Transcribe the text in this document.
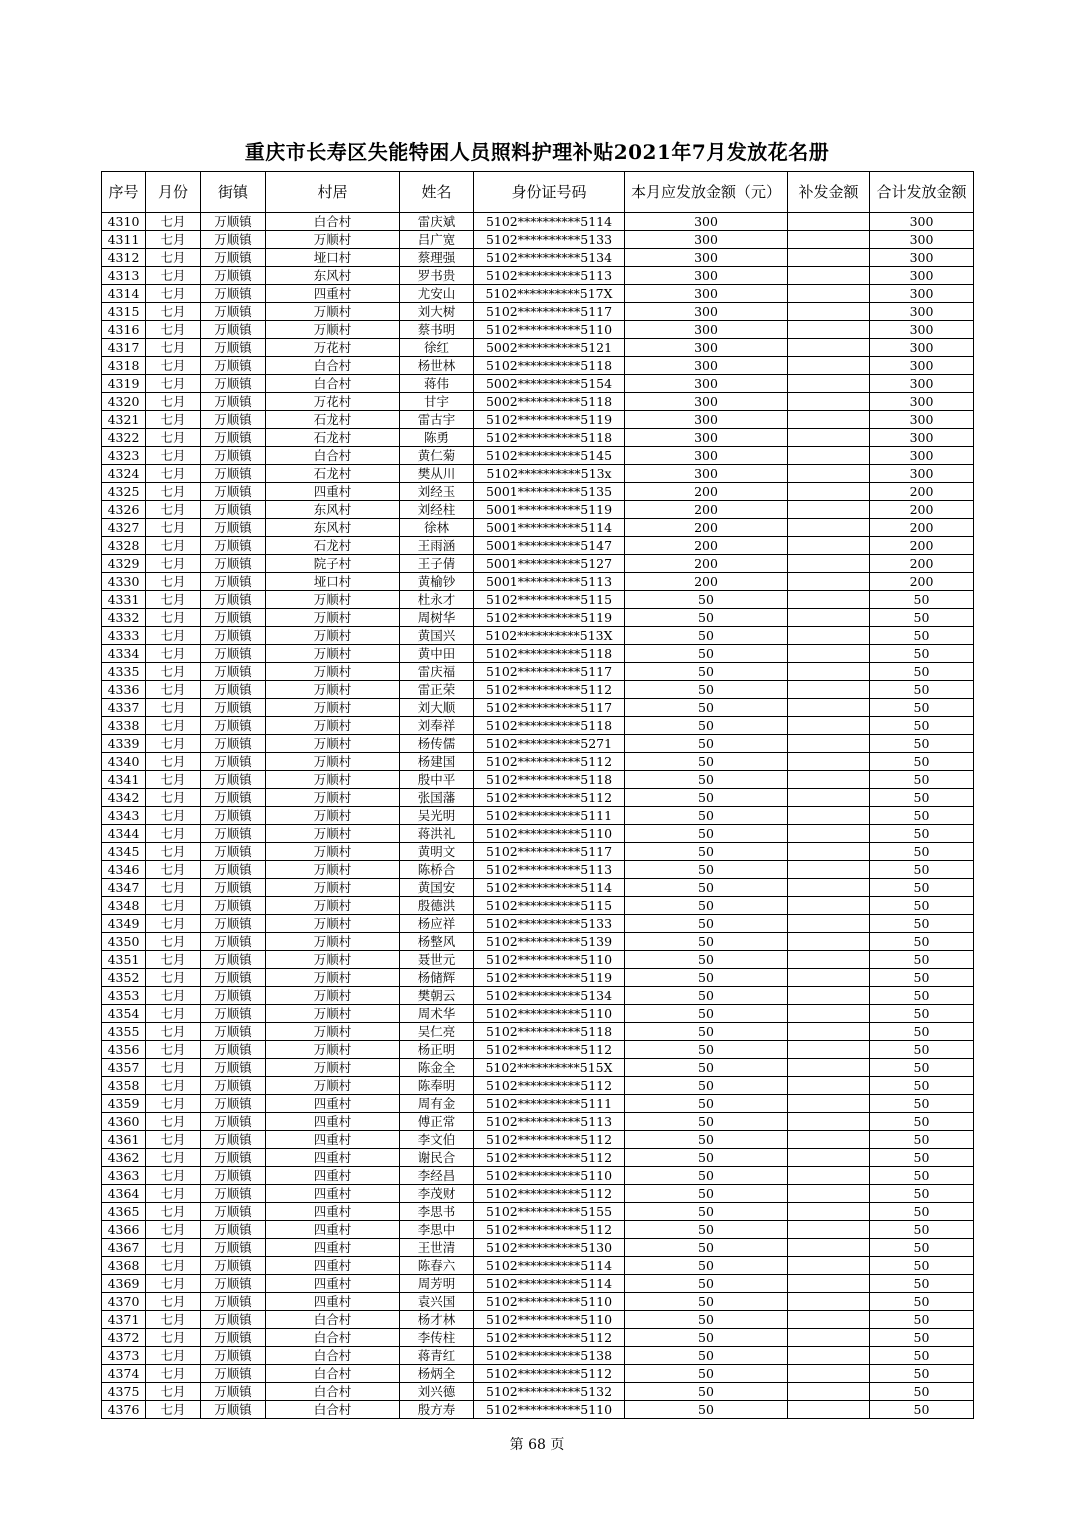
重庆市长寿区失能特困人员照料护理补贴2021年7月发放花名册
序号	月份	街镇	村居	姓名	身份证号码	本月应发放金额（元）	补发金额	合计发放金额
4310	七月	万顺镇	白合村	雷庆斌	5102**********5114	300		300
4311	七月	万顺镇	万顺村	吕广宽	5102**********5133	300		300
4312	七月	万顺镇	垭口村	蔡理强	5102**********5134	300		300
4313	七月	万顺镇	东风村	罗书贵	5102**********5113	300		300
4314	七月	万顺镇	四重村	尤安山	5102**********517X	300		300
4315	七月	万顺镇	万顺村	刘大树	5102**********5117	300		300
4316	七月	万顺镇	万顺村	蔡书明	5102**********5110	300		300
4317	七月	万顺镇	万花村	徐红	5002**********5121	300		300
4318	七月	万顺镇	白合村	杨世林	5102**********5118	300		300
4319	七月	万顺镇	白合村	蒋伟	5002**********5154	300		300
4320	七月	万顺镇	万花村	甘宇	5002**********5118	300		300
4321	七月	万顺镇	石龙村	雷古宇	5102**********5119	300		300
4322	七月	万顺镇	石龙村	陈勇	5102**********5118	300		300
4323	七月	万顺镇	白合村	黄仁菊	5102**********5145	300		300
4324	七月	万顺镇	石龙村	樊从川	5102**********513x	300		300
4325	七月	万顺镇	四重村	刘经玉	5001**********5135	200		200
4326	七月	万顺镇	东风村	刘经柱	5001**********5119	200		200
4327	七月	万顺镇	东风村	徐林	5001**********5114	200		200
4328	七月	万顺镇	石龙村	王雨涵	5001**********5147	200		200
4329	七月	万顺镇	院子村	王子倩	5001**********5127	200		200
4330	七月	万顺镇	垭口村	黄榆钞	5001**********5113	200		200
4331	七月	万顺镇	万顺村	杜永才	5102**********5115	50		50
4332	七月	万顺镇	万顺村	周树华	5102**********5119	50		50
4333	七月	万顺镇	万顺村	黄国兴	5102**********513X	50		50
4334	七月	万顺镇	万顺村	黄中田	5102**********5118	50		50
4335	七月	万顺镇	万顺村	雷庆福	5102**********5117	50		50
4336	七月	万顺镇	万顺村	雷正荣	5102**********5112	50		50
4337	七月	万顺镇	万顺村	刘大顺	5102**********5117	50		50
4338	七月	万顺镇	万顺村	刘奉祥	5102**********5118	50		50
4339	七月	万顺镇	万顺村	杨传儒	5102**********5271	50		50
4340	七月	万顺镇	万顺村	杨建国	5102**********5112	50		50
4341	七月	万顺镇	万顺村	殷中平	5102**********5118	50		50
4342	七月	万顺镇	万顺村	张国藩	5102**********5112	50		50
4343	七月	万顺镇	万顺村	吴光明	5102**********5111	50		50
4344	七月	万顺镇	万顺村	蒋洪礼	5102**********5110	50		50
4345	七月	万顺镇	万顺村	黄明文	5102**********5117	50		50
4346	七月	万顺镇	万顺村	陈桥合	5102**********5113	50		50
4347	七月	万顺镇	万顺村	黄国安	5102**********5114	50		50
4348	七月	万顺镇	万顺村	殷德洪	5102**********5115	50		50
4349	七月	万顺镇	万顺村	杨应祥	5102**********5133	50		50
4350	七月	万顺镇	万顺村	杨整风	5102**********5139	50		50
4351	七月	万顺镇	万顺村	聂世元	5102**********5110	50		50
4352	七月	万顺镇	万顺村	杨储辉	5102**********5119	50		50
4353	七月	万顺镇	万顺村	樊朝云	5102**********5134	50		50
4354	七月	万顺镇	万顺村	周术华	5102**********5110	50		50
4355	七月	万顺镇	万顺村	吴仁亮	5102**********5118	50		50
4356	七月	万顺镇	万顺村	杨正明	5102**********5112	50		50
4357	七月	万顺镇	万顺村	陈金全	5102**********515X	50		50
4358	七月	万顺镇	万顺村	陈奉明	5102**********5112	50		50
4359	七月	万顺镇	四重村	周有金	5102**********5111	50		50
4360	七月	万顺镇	四重村	傅正常	5102**********5113	50		50
4361	七月	万顺镇	四重村	李文伯	5102**********5112	50		50
4362	七月	万顺镇	四重村	谢民合	5102**********5112	50		50
4363	七月	万顺镇	四重村	李经昌	5102**********5110	50		50
4364	七月	万顺镇	四重村	李茂财	5102**********5112	50		50
4365	七月	万顺镇	四重村	李思书	5102**********5155	50		50
4366	七月	万顺镇	四重村	李思中	5102**********5112	50		50
4367	七月	万顺镇	四重村	王世清	5102**********5130	50		50
4368	七月	万顺镇	四重村	陈春六	5102**********5114	50		50
4369	七月	万顺镇	四重村	周芳明	5102**********5114	50		50
4370	七月	万顺镇	四重村	袁兴国	5102**********5110	50		50
4371	七月	万顺镇	白合村	杨才林	5102**********5110	50		50
4372	七月	万顺镇	白合村	李传柱	5102**********5112	50		50
4373	七月	万顺镇	白合村	蒋青红	5102**********5138	50		50
4374	七月	万顺镇	白合村	杨炳全	5102**********5112	50		50
4375	七月	万顺镇	白合村	刘兴德	5102**********5132	50		50
4376	七月	万顺镇	白合村	殷方寿	5102**********5110	50		50
第 68 页
